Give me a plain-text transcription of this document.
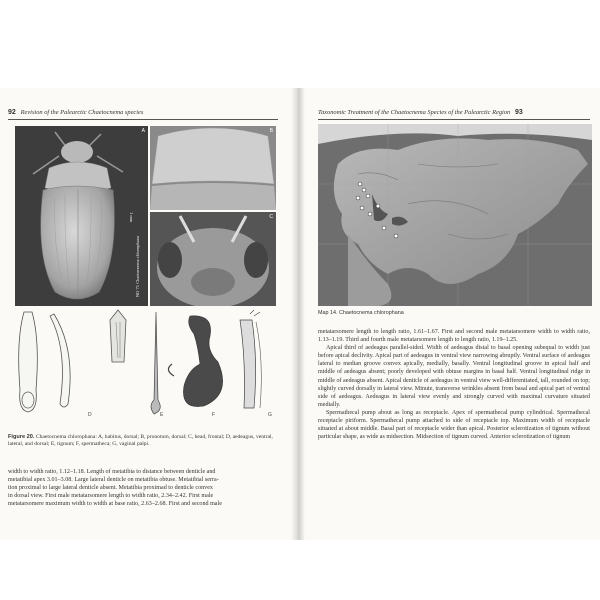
92 Revision of the Palearctic Chaetocnema species
A
1 mm
NO 71 Chaetocnema chlorophana
B
C
D	E	F	G
Figure 20. Chaetocnema chlorophana: A, habitus, dorsal; B, pronotum, dorsal; C, head, frontal; D, aedeagus, ventral, lateral, and dorsal; E, tignum; F, spermatheca; G, vaginal palpi.

width to width ratio, 1.12–1.18. Length of metatibia to distance between denticle and

metatibial apex 3.01–3.08. Large lateral denticle on metatibia obtuse. Metatibial serra-

tion proximal to large lateral denticle absent. Metatibia proximad to denticle convex

in dorsal view. First male metatarsomere length to width ratio, 2.34–2.42. First male

metatarsomere maximum width to width at base ratio, 2.63–2.68. First and second male

Taxonomic Treatment of the Chaetocnema Species of the Palearctic Region 93
Map 14. Chaetocnema chlorophana

metatarsomere length to length ratio, 1.61–1.67. First and second male metatarsomere width to width ratio, 1.13–1.19. Third and fourth male metatarsomere length to length ratio, 1.19–1.25.

Apical third of aedeagus parallel-sided. Width of aedeagus distal to basal opening subequal to width just before apical declivity. Apical part of aedeagus in ventral view narrowing abruptly. Ventral surface of aedeagus lateral to median groove convex apically, medially, basally. Ventral longitudinal groove in apical half and middle of aedeagus absent; poorly developed with obtuse margins in basal half. Ventral longitudinal ridge in middle of aedeagus absent. Apical denticle of aedeagus in ventral view well-differentiated, tall, rounded on top; slightly curved dorsally in lateral view. Minute, transverse wrinkles absent from basal and apical part of ventral side of aedeagus. Aedeagus in lateral view evenly and strongly curved with maximal curvature situated medially.

Spermathecal pump about as long as receptacle. Apex of spermathecal pump cylindrical. Spermathecal receptacle piriform. Spermathecal pump attached to side of receptacle top. Maximum width of receptacle situated at about middle. Basal part of receptacle wider than apical. Posterior sclerotization of tignum without particular shape, as wide as midsection. Midsection of tignum curved. Anterior sclerotization of tignum
